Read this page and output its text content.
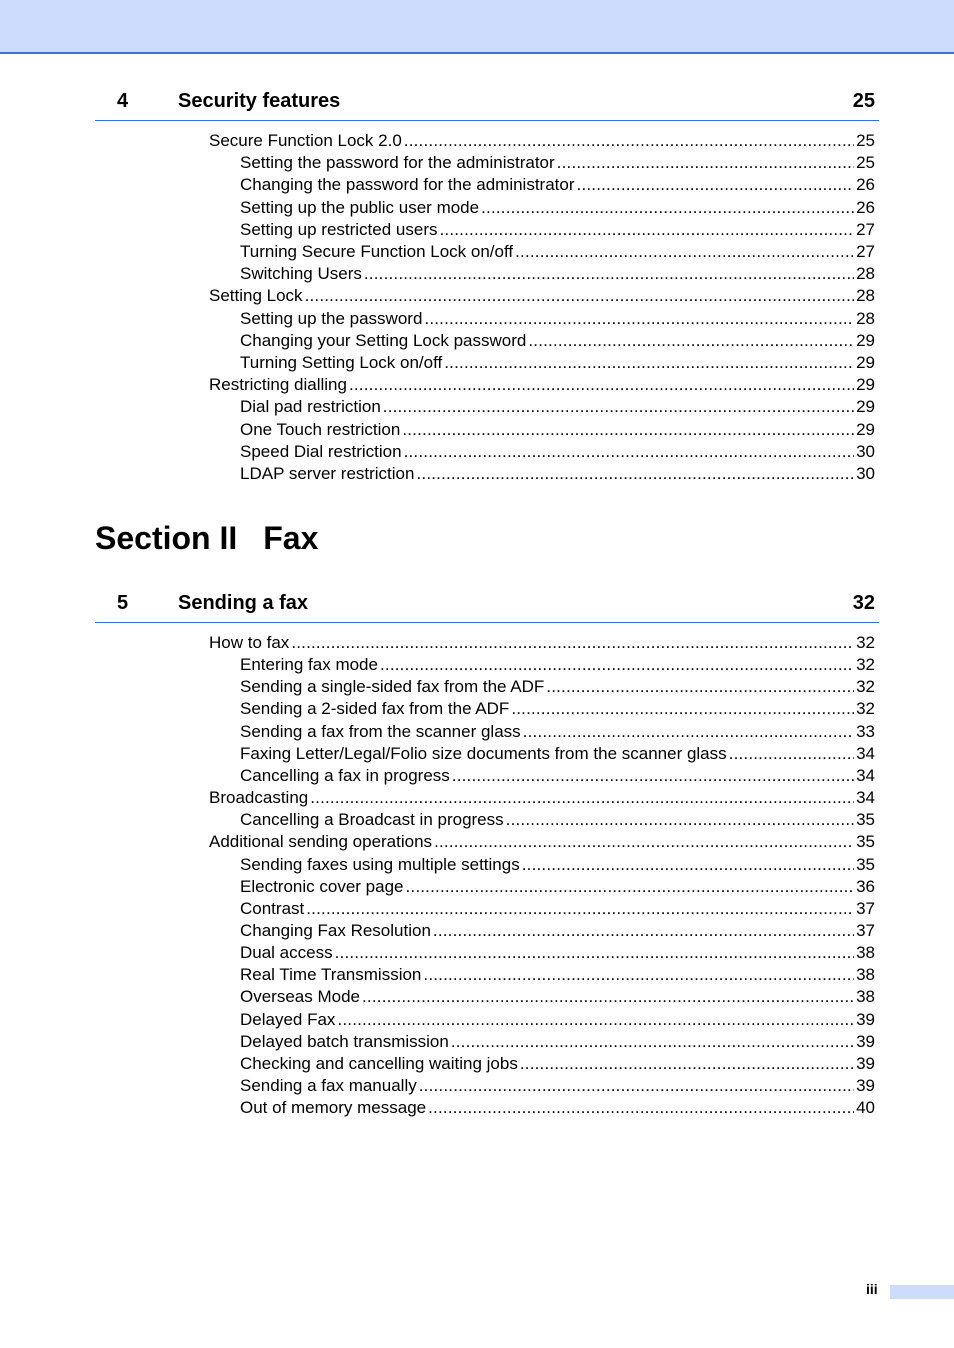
4 Security features	25
Secure Function Lock 2.0 .....	25
Setting the password for the administrator .....	25
Changing the password for the administrator .....	26
Setting up the public user mode .....	26
Setting up restricted users .....	27
Turning Secure Function Lock on/off .....	27
Switching Users .....	28
Setting Lock .....	28
Setting up the password .....	28
Changing your Setting Lock password .....	29
Turning Setting Lock on/off .....	29
Restricting dialling .....	29
Dial pad restriction .....	29
One Touch restriction .....	29
Speed Dial restriction .....	30
LDAP server restriction .....	30
Section II Fax
5 Sending a fax	32
How to fax .....	32
Entering fax mode .....	32
Sending a single-sided fax from the ADF .....	32
Sending a 2-sided fax from the ADF .....	32
Sending a fax from the scanner glass .....	33
Faxing Letter/Legal/Folio size documents from the scanner glass .....	34
Cancelling a fax in progress .....	34
Broadcasting .....	34
Cancelling a Broadcast in progress .....	35
Additional sending operations .....	35
Sending faxes using multiple settings .....	35
Electronic cover page .....	36
Contrast .....	37
Changing Fax Resolution .....	37
Dual access .....	38
Real Time Transmission .....	38
Overseas Mode .....	38
Delayed Fax .....	39
Delayed batch transmission .....	39
Checking and cancelling waiting jobs .....	39
Sending a fax manually .....	39
Out of memory message .....	40
iii
